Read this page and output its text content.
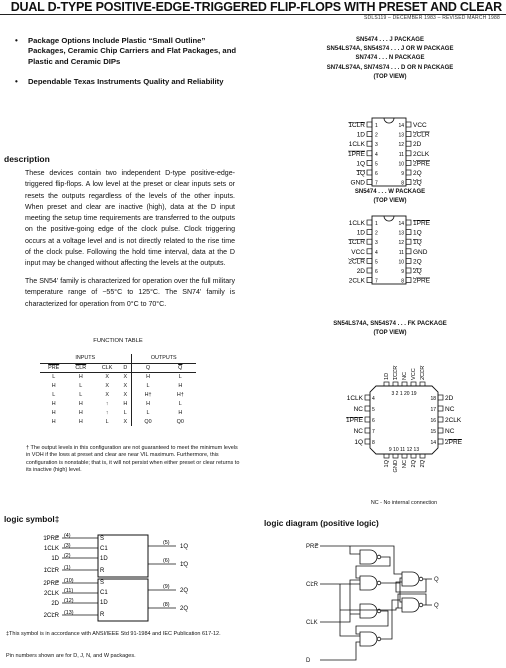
DUAL D-TYPE POSITIVE-EDGE-TRIGGERED FLIP-FLOPS WITH PRESET AND CLEAR
SDLS119 – DECEMBER 1983 – REVISED MARCH 1988
• Package Options Include Plastic “Small Outline” Packages, Ceramic Chip Carriers and Flat Packages, and Plastic and Ceramic DIPs
• Dependable Texas Instruments Quality and Reliability
description
These devices contain two independent D-type positive-edge-triggered flip-flops. A low level at the preset or clear inputs sets or resets the outputs regardless of the levels of the other inputs. When preset and clear are inactive (high), data at the D input meeting the setup time requirements are transferred to the outputs on the positive-going edge of the clock pulse. Clock triggering occurs at a voltage level and is not directly related to the rise time of the clock pulse. Following the hold time interval, data at the D input may be changed without affecting the levels at the outputs.
The SN54' family is characterized for operation over the full military temperature range of −55°C to 125°C. The SN74' family is characterized for operation from 0°C to 70°C.
FUNCTION TABLE
INPUTS				OUTPUTS	
$\overline{PRE}$	$\overline{CLR}$	CLK	D	Q	$\overline{Q}$
L	H	X	X	H	L
H	L	X	X	L	H
L	L	X	X	H†	H†
H	H	↑	H	H	L
H	H	↑	L	L	H
H	H	L	X	Q0	Q0
† The output levels in this configuration are not guaranteed to meet the minimum levels in VOH if the lows at preset and clear are near VIL maximum. Furthermore, this configuration is nonstable; that is, it will not persist when either preset or clear returns to its inactive (high) level.
logic symbol‡
1PRE (4)
1CLK (3)
1D (2)
1CLR (1)
2PRE (10)
2CLK (11)
2D (12)
2CLR (13)
S
C1
1D
R
S
C1
1D
R
1Q
(5)
1Q
(6)
2Q
(9)
2Q
(8)
‡This symbol is in accordance with ANSI/IEEE Std 91-1984 and IEC Publication 617-12.
Pin numbers shown are for D, J, N, and W packages.
SN5474 . . . J PACKAGE
SN54LS74A, SN54S74 . . . J OR W PACKAGE
SN7474 . . . N PACKAGE
SN74LS74A, SN74S74 . . . D OR N PACKAGE
(TOP VIEW)
1CLR 1
1D 2
1CLK 3
1PRE 4
1Q 5
1Q 6
GND 7
VCC
14
2CLR
13
2D
12
2CLK
11
2PRE
10
2Q
9
2Q
8
SN5474 . . . W PACKAGE
(TOP VIEW)
1CLK 1
1D 2
1CLR 3
VCC 4
2CLR 5
2D 6
2CLK 7
1PRE
14
1Q
13
1Q
12
GND
11
2Q
10
2Q
9
2PRE
8
SN54LS74A, SN54S74 . . . FK PACKAGE
(TOP VIEW)
1D 1CLR NC VCC 2CLR
3 2 1 20 19
1CLK 4
NC 5
1PRE 6
NC 7
1Q 8
2D
18
NC
17
2CLK
16
NC
15
2PRE
14
9 10 11 12 13
1Q GND NC 2Q 2Q
NC - No internal connection
logic diagram (positive logic)
PRE
CLR
CLK
D
Q
Q
